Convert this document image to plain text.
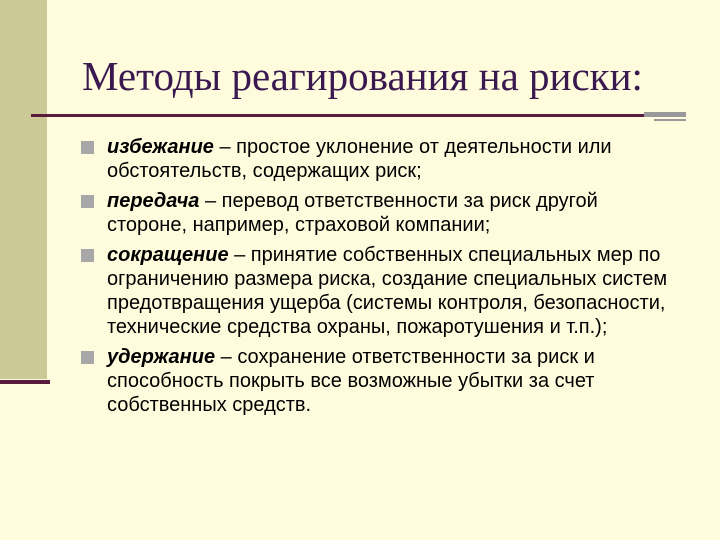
Методы реагирования на риски:
избежание – простое уклонение от деятельности или обстоятельств, содержащих риск;
передача – перевод ответственности за риск другой стороне, например, страховой компании;
сокращение – принятие собственных специальных мер по ограничению размера риска, создание специальных систем предотвращения ущерба (системы контроля, безопасности, технические средства охраны, пожаротушения и т.п.);
удержание – сохранение ответственности за риск и способность покрыть все возможные убытки за счет собственных средств.
